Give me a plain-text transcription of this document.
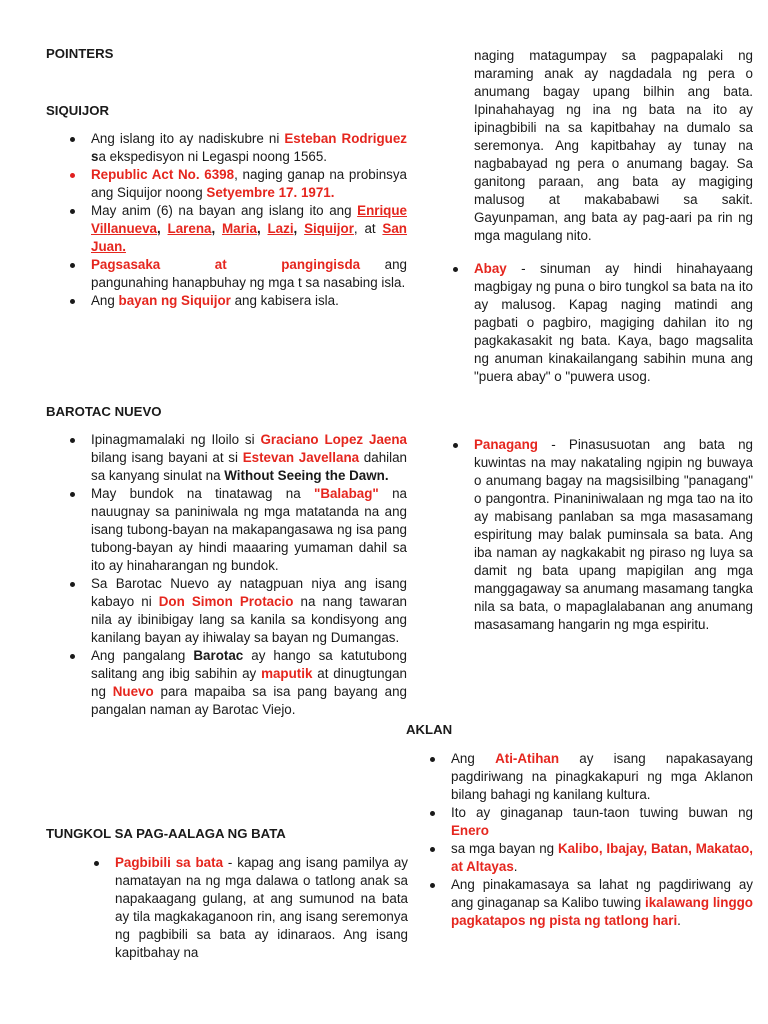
POINTERS
SIQUIJOR
Ang islang ito ay nadiskubre ni Esteban Rodriguez sa ekspedisyon ni Legaspi noong 1565.
Republic Act No. 6398, naging ganap na probinsya ang Siquijor noong Setyembre 17. 1971.
May anim (6) na bayan ang islang ito ang Enrique Villanueva, Larena, Maria, Lazi, Siquijor, at San Juan.
Pagsasaka at pangingisda ang pangunahing hanapbuhay ng mga t sa nasabing isla.
Ang bayan ng Siquijor ang kabisera isla.
BAROTAC NUEVO
Ipinagmamalaki ng Iloilo si Graciano Lopez Jaena bilang isang bayani at si Estevan Javellana dahilan sa kanyang sinulat na Without Seeing the Dawn.
May bundok na tinatawag na "Balabag" na nauugnay sa paniniwala ng mga matatanda na ang isang tubong-bayan na makapangasawa ng isa pang tubong-bayan ay hindi maaaring yumaman dahil sa ito ay hinaharangan ng bundok.
Sa Barotac Nuevo ay natagpuan niya ang isang kabayo ni Don Simon Protacio na nang tawaran nila ay ibinibigay lang sa kanila sa kondisyong ang kanilang bayan ay ihiwalay sa bayan ng Dumangas.
Ang pangalang Barotac ay hango sa katutubong salitang ang ibig sabihin ay maputik at dinugtungan ng Nuevo para mapaiba sa isa pang bayang ang pangalan naman ay Barotac Viejo.
TUNGKOL SA PAG-AALAGA NG BATA
Pagbibili sa bata - kapag ang isang pamilya ay namatayan na ng mga dalawa o tatlong anak sa napakaagang gulang, at ang sumunod na bata ay tila magkakaganoon rin, ang isang seremonya ng pagbibili sa bata ay idinaraos. Ang isang kapitbahay na

naging matagumpay sa pagpapalaki ng maraming anak ay nagdadala ng pera o anumang bagay upang bilhin ang bata. Ipinahahayag ng ina ng bata na ito ay ipinagbibili na sa kapitbahay na dumalo sa seremonya. Ang kapitbahay ay tunay na nagbabayad ng pera o anumang bagay. Sa ganitong paraan, ang bata ay magiging malusog at makababawi sa sakit. Gayunpaman, ang bata ay pag-aari pa rin ng mga magulang nito.

Abay - sinuman ay hindi hinahayaang magbigay ng puna o biro tungkol sa bata na ito ay malusog. Kapag naging matindi ang pagbati o pagbiro, magiging dahilan ito ng pagkakasakit ng bata. Kaya, bago magsalita ng anuman kinakailangang sabihin muna ang "puera abay" o "puwera usog.
Panagang - Pinasusuotan ang bata ng kuwintas na may nakataling ngipin ng buwaya o anumang bagay na magsisilbing "panagang" o pangontra. Pinaniniwalaan ng mga tao na ito ay mabisang panlaban sa mga masasamang espiritung may balak puminsala sa bata. Ang iba naman ay nagkakabit ng piraso ng luya sa damit ng bata upang mapigilan ang mga manggagaway sa anumang masamang tangka nila sa bata, o mapaglalabanan ang anumang masasamang hangarin ng mga espiritu.
AKLAN
Ang Ati-Atihan ay isang napakasayang pagdiriwang na pinagkakapuri ng mga Aklanon bilang bahagi ng kanilang kultura.
Ito ay ginaganap taun-taon tuwing buwan ng Enero
sa mga bayan ng Kalibo, Ibajay, Batan, Makatao, at Altayas.
Ang pinakamasaya sa lahat ng pagdiriwang ay ang ginaganap sa Kalibo tuwing ikalawang linggo pagkatapos ng pista ng tatlong hari.
